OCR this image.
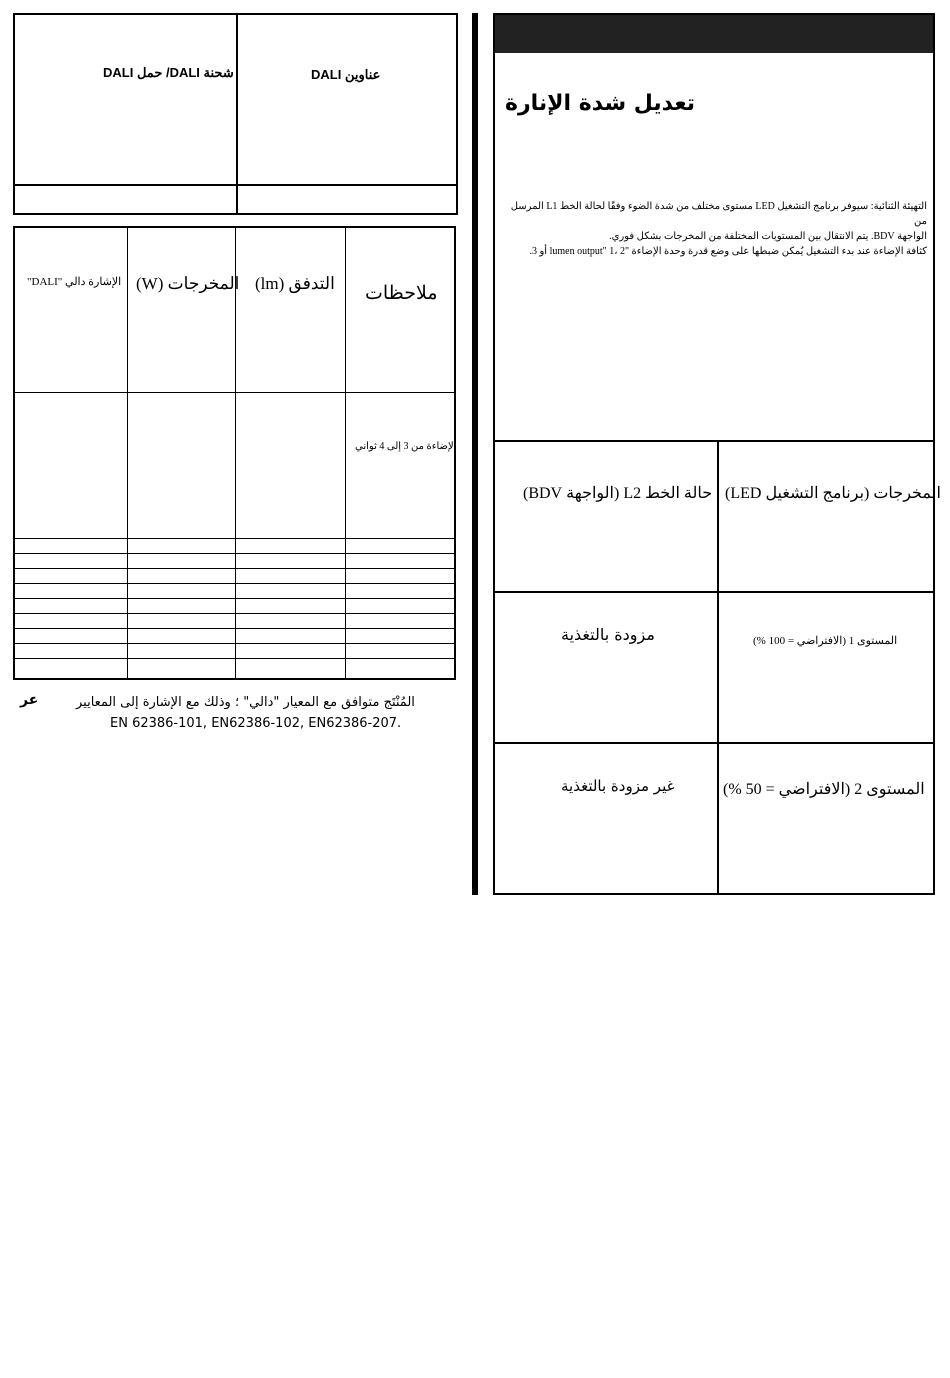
شحنة DALI/ حمل DALI	عناوين DALI
ملاحظات
التدفق (lm)
المخرجات (W)
الإشارة دالي "DALI"
الإضاءة من 3 إلى 4 ثواني
عر	المُنْتَج متوافق مع المعيار "دالي" ؛ وذلك مع الإشارة إلى المعايير
EN 62386-101, EN62386-102, EN62386-207.
تعديل شدة الإنارة
التهيئة الثنائية: سيوفر برنامج التشغيل LED مستوى مختلف من شدة الضوء وفقًا لحالة الخط L1 المرسل من
الواجهة BDV. يتم الانتقال بين المستويات المختلفة من المخرجات بشكل فوري.
كثافة الإضاءة عند بدء التشغيل يُمكن ضبطها على وضع قدرة وحدة الإضاءة "lumen output" 1، 2 أو 3.
المخرجات (برنامج التشغيل LED)
حالة الخط L2 (الواجهة BDV)
المستوى 1 (الافتراضي = 100 %)
مزودة بالتغذية
المستوى 2 (الافتراضي = 50 %)
غير مزودة بالتغذية
